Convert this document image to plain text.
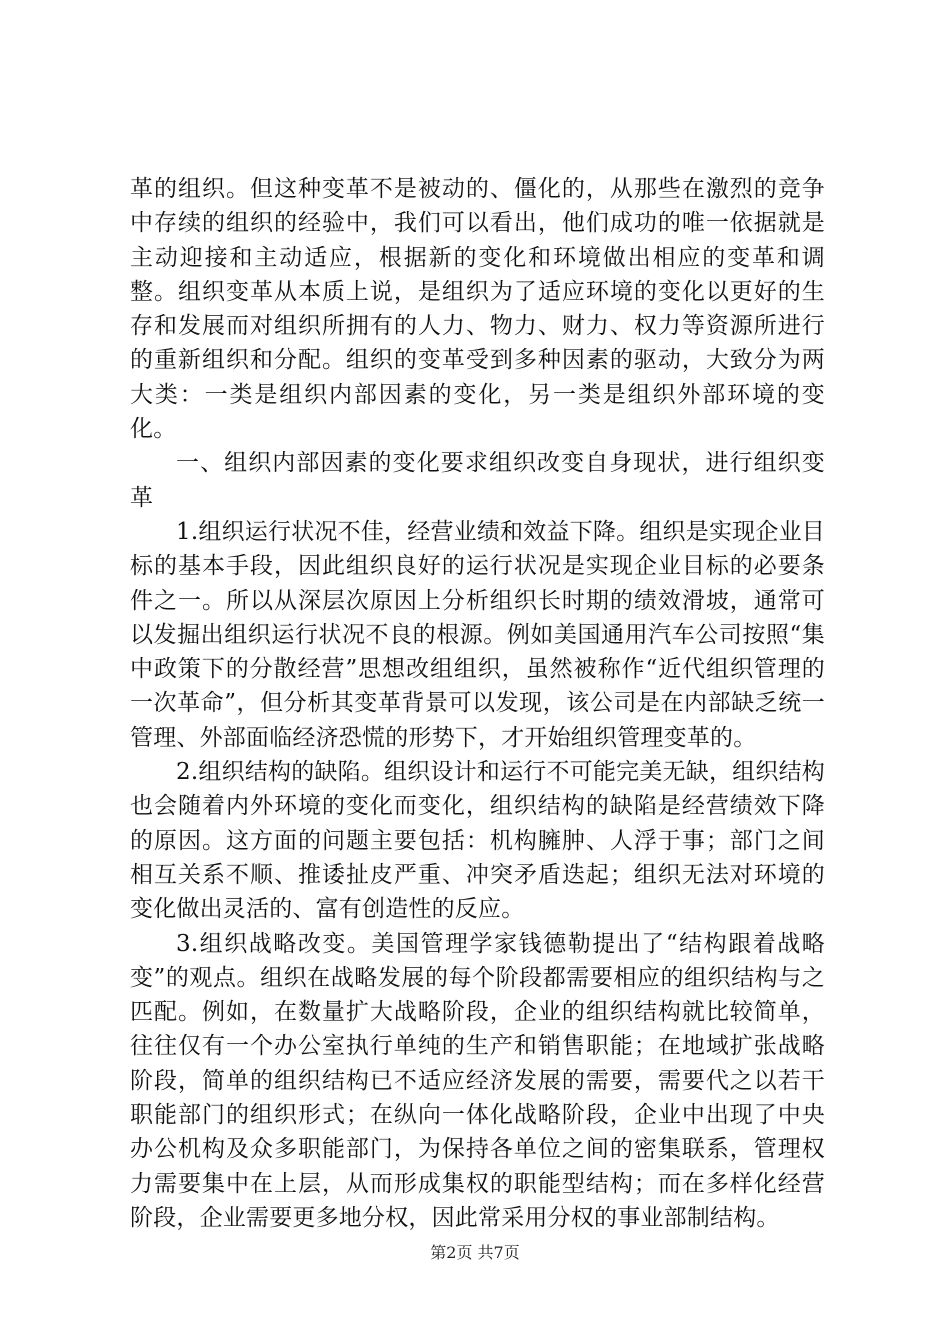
革的组织。但这种变革不是被动的、僵化的，从那些在激烈的竞争中存续的组织的经验中，我们可以看出，他们成功的唯一依据就是主动迎接和主动适应，根据新的变化和环境做出相应的变革和调整。组织变革从本质上说，是组织为了适应环境的变化以更好的生存和发展而对组织所拥有的人力、物力、财力、权力等资源所进行的重新组织和分配。组织的变革受到多种因素的驱动，大致分为两大类：一类是组织内部因素的变化，另一类是组织外部环境的变化。

一、组织内部因素的变化要求组织改变自身现状，进行组织变革

1.组织运行状况不佳，经营业绩和效益下降。组织是实现企业目标的基本手段，因此组织良好的运行状况是实现企业目标的必要条件之一。所以从深层次原因上分析组织长时期的绩效滑坡，通常可以发掘出组织运行状况不良的根源。例如美国通用汽车公司按照“集中政策下的分散经营”思想改组组织，虽然被称作“近代组织管理的一次革命”，但分析其变革背景可以发现，该公司是在内部缺乏统一管理、外部面临经济恐慌的形势下，才开始组织管理变革的。

2.组织结构的缺陷。组织设计和运行不可能完美无缺，组织结构也会随着内外环境的变化而变化，组织结构的缺陷是经营绩效下降的原因。这方面的问题主要包括：机构臃肿、人浮于事；部门之间相互关系不顺、推诿扯皮严重、冲突矛盾迭起；组织无法对环境的变化做出灵活的、富有创造性的反应。

3.组织战略改变。美国管理学家钱德勒提出了“结构跟着战略变”的观点。组织在战略发展的每个阶段都需要相应的组织结构与之匹配。例如，在数量扩大战略阶段，企业的组织结构就比较简单，往往仅有一个办公室执行单纯的生产和销售职能；在地域扩张战略阶段，简单的组织结构已不适应经济发展的需要，需要代之以若干职能部门的组织形式；在纵向一体化战略阶段，企业中出现了中央办公机构及众多职能部门，为保持各单位之间的密集联系，管理权力需要集中在上层，从而形成集权的职能型结构；而在多样化经营阶段，企业需要更多地分权，因此常采用分权的事业部制结构。

第2页 共7页
